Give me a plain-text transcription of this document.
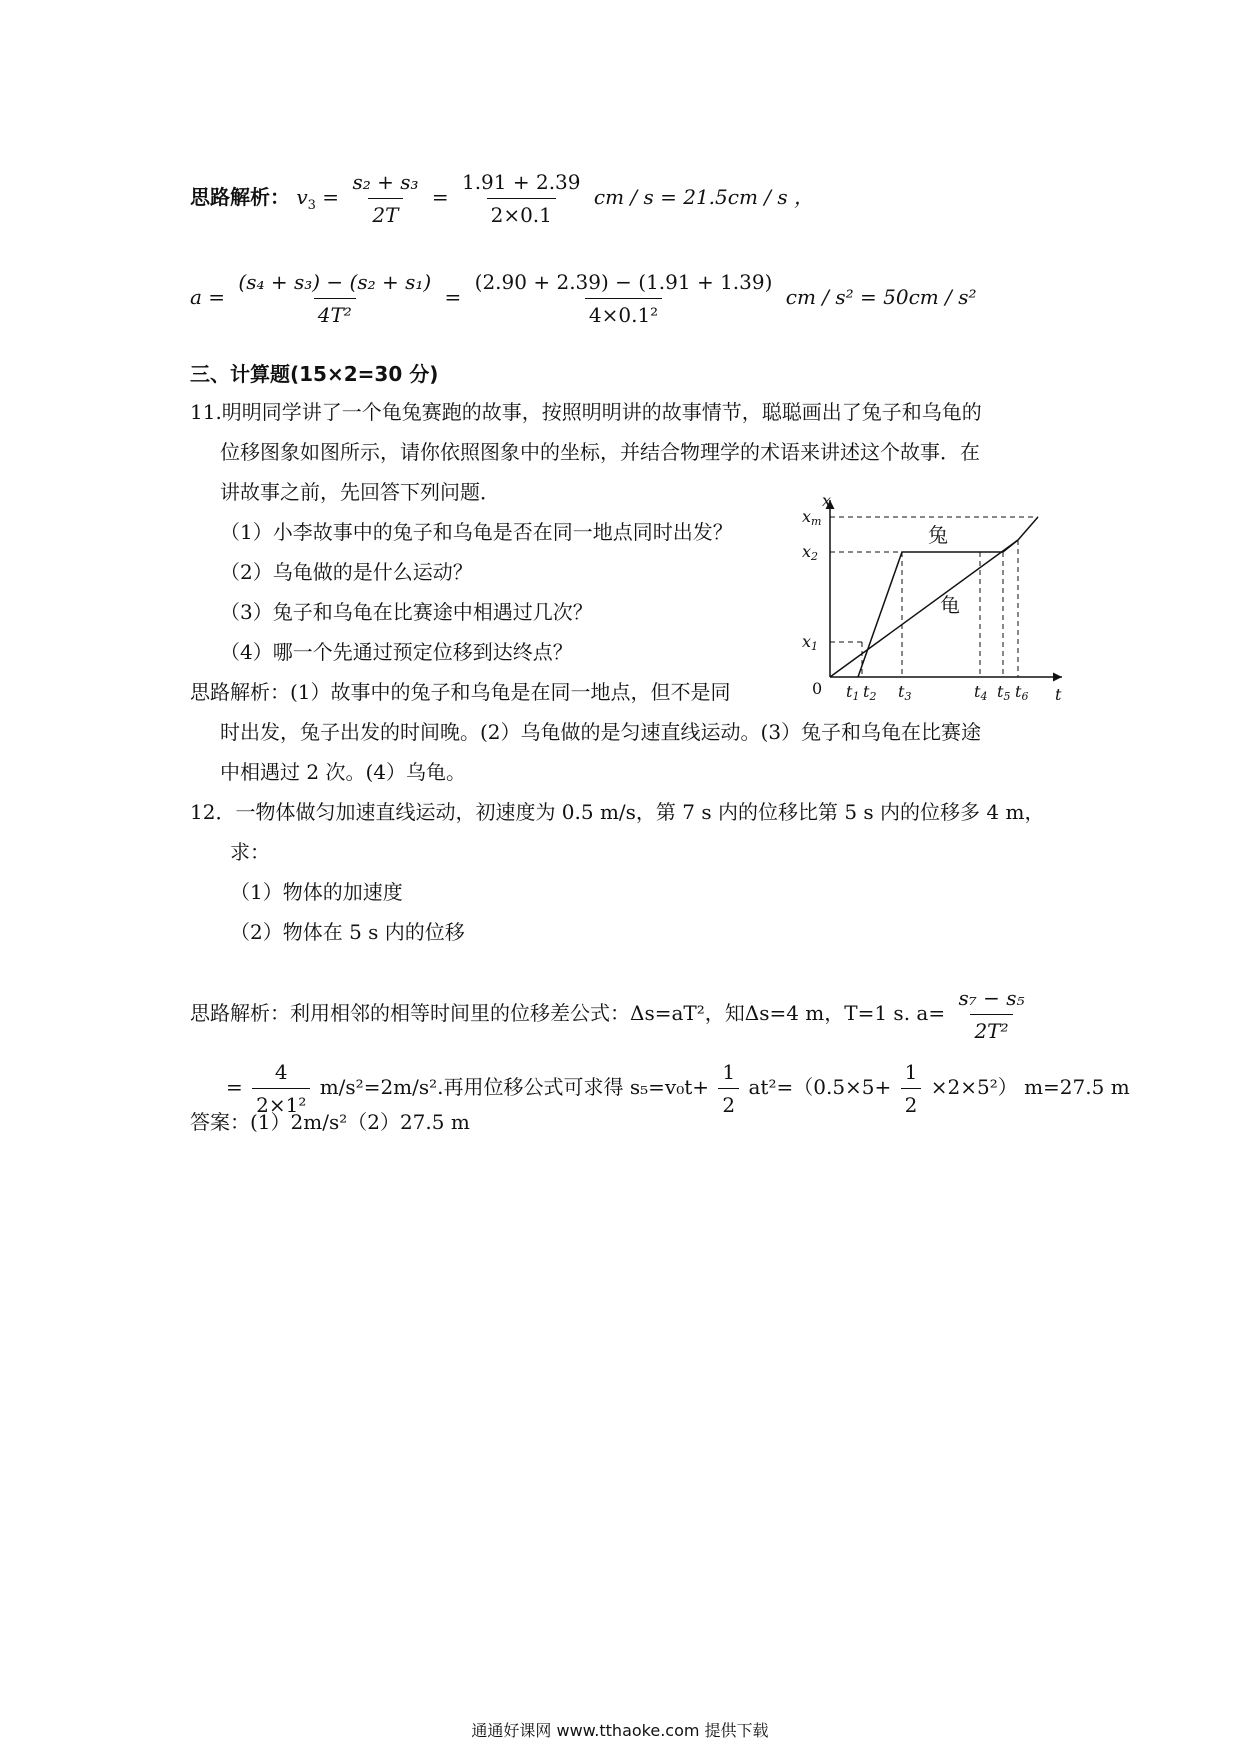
思路解析： $v_3 = \frac{\text{s₂ + s₃}}{2T} = \frac{1.91 + 2.39}{2\times 0.1}$ cm / s = 21.5cm / s ，
$a = \frac{\text{(s₄ + s₃) − (s₂ + s₁)}}{\text{4T²}} = \frac{(2.90 + 2.39) - (1.91 + 1.39)}{\text{4×0.1²}}$ cm / s² = 50cm / s²
三、计算题(15×2=30 分)
11.明明同学讲了一个龟兔赛跑的故事，按照明明讲的故事情节，聪聪画出了兔子和乌龟的
位移图象如图所示，请你依照图象中的坐标，并结合物理学的术语来讲述这个故事．在
讲故事之前，先回答下列问题．
（1）小李故事中的兔子和乌龟是否在同一地点同时出发？
（2）乌龟做的是什么运动？
（3）兔子和乌龟在比赛途中相遇过几次？
（4）哪一个先通过预定位移到达终点？
思路解析：(1）故事中的兔子和乌龟是在同一地点，但不是同
时出发，兔子出发的时间晚。(2）乌龟做的是匀速直线运动。(3）兔子和乌龟在比赛途
中相遇过 2 次。(4）乌龟。
x
t
0
xm
x2
x1
t1 t2 t3	t4 t5 t6
兔
龟
12．一物体做匀加速直线运动，初速度为 0.5 m/s，第 7 s 内的位移比第 5 s 内的位移多 4 m，
求：
（1）物体的加速度
（2）物体在 5 s 内的位移
思路解析：利用相邻的相等时间里的位移差公式：Δs=aT²，知Δs=4 m，T=1 s. $a= \frac{\text{s₇ − s₅}}{\text{2T²}}$
= $\frac{4}{\text{2×1²}} m/s^2=2m/s^2$.再用位移公式可求得 $s_5=v_0t+ \frac{1}{2} at^2=(0.5\times 5+ \frac{1}{2} \times 2\times 5^2)$ m=27.5 m
答案：(1）2m/s²（2）27.5 m
通通好课网 www.tthaoke.com 提供下载
